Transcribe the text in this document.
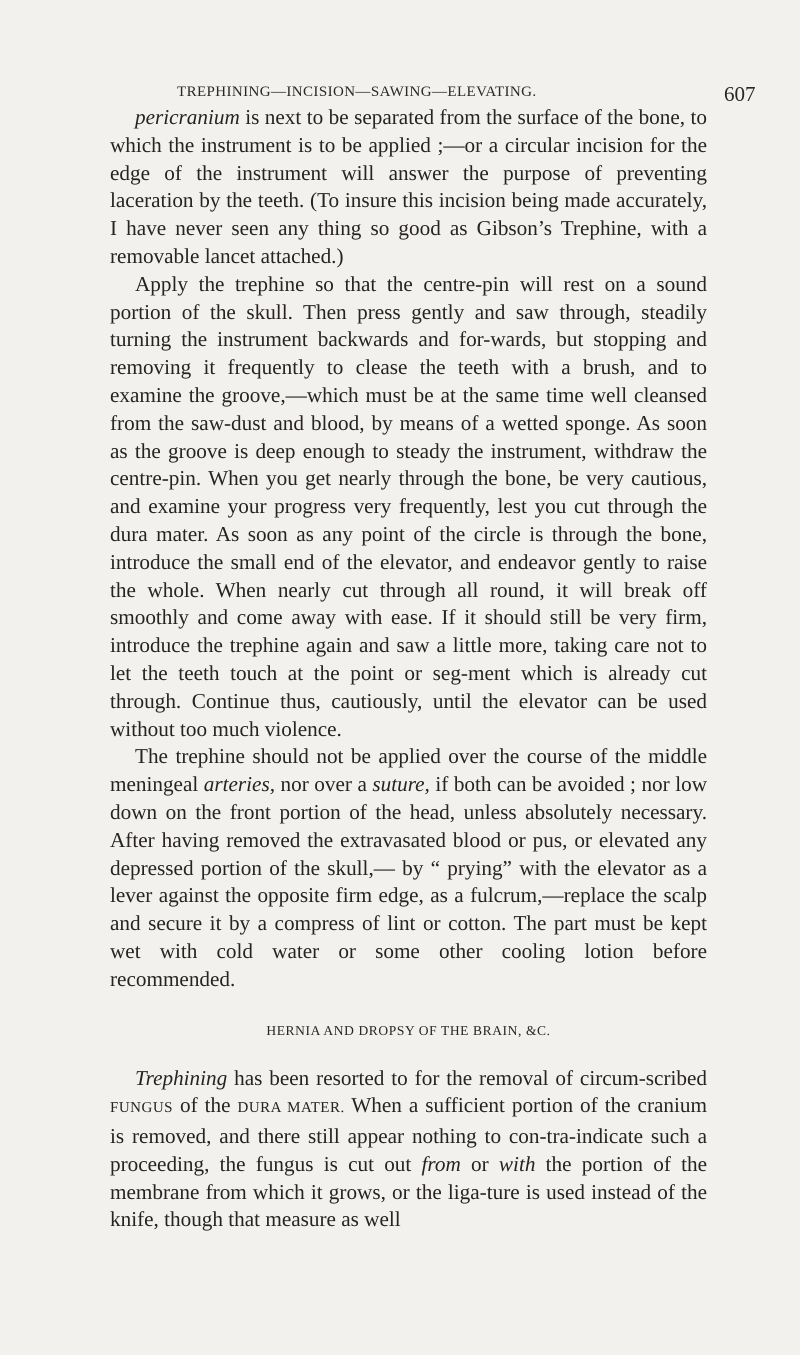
TREPHINING—INCISION—SAWING—ELEVATING.	607

pericranium is next to be separated from the surface of the bone, to which the instrument is to be applied ;—or a circular incision for the edge of the instrument will answer the purpose of preventing laceration by the teeth. (To insure this incision being made accurately, I have never seen any thing so good as Gibson’s Trephine, with a removable lancet attached.)

Apply the trephine so that the centre-pin will rest on a sound portion of the skull. Then press gently and saw through, steadily turning the instrument backwards and for-wards, but stopping and removing it frequently to clease the teeth with a brush, and to examine the groove,—which must be at the same time well cleansed from the saw-dust and blood, by means of a wetted sponge. As soon as the groove is deep enough to steady the instrument, withdraw the centre-pin. When you get nearly through the bone, be very cautious, and examine your progress very frequently, lest you cut through the dura mater. As soon as any point of the circle is through the bone, introduce the small end of the elevator, and endeavor gently to raise the whole. When nearly cut through all round, it will break off smoothly and come away with ease. If it should still be very firm, introduce the trephine again and saw a little more, taking care not to let the teeth touch at the point or seg-ment which is already cut through. Continue thus, cautiously, until the elevator can be used without too much violence.

The trephine should not be applied over the course of the middle meningeal arteries, nor over a suture, if both can be avoided ; nor low down on the front portion of the head, unless absolutely necessary. After having removed the extravasated blood or pus, or elevated any depressed portion of the skull,— by “ prying” with the elevator as a lever against the opposite firm edge, as a fulcrum,—replace the scalp and secure it by a compress of lint or cotton. The part must be kept wet with cold water or some other cooling lotion before recommended.

HERNIA AND DROPSY OF THE BRAIN, &C.

Trephining has been resorted to for the removal of circum-scribed FUNGUS of the DURA MATER. When a sufficient portion of the cranium is removed, and there still appear nothing to con-tra-indicate such a proceeding, the fungus is cut out from or with the portion of the membrane from which it grows, or the liga-ture is used instead of the knife, though that measure as well
